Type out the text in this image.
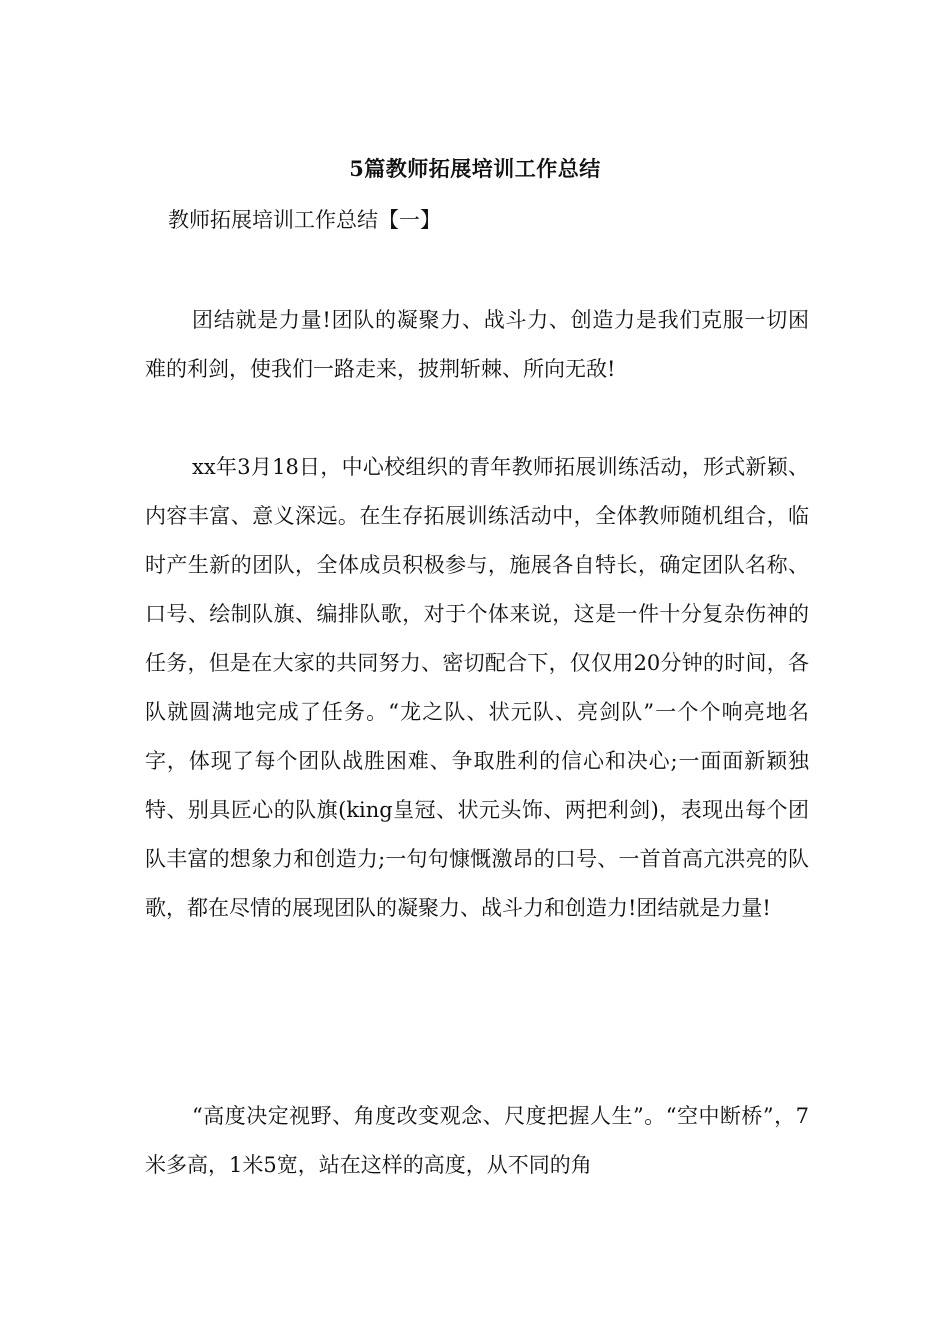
5篇教师拓展培训工作总结
教师拓展培训工作总结【一】

团结就是力量!团队的凝聚力、战斗力、创造力是我们克服一切困难的利剑，使我们一路走来，披荆斩棘、所向无敌!

xx年3月18日，中心校组织的青年教师拓展训练活动，形式新颖、内容丰富、意义深远。在生存拓展训练活动中，全体教师随机组合，临时产生新的团队，全体成员积极参与，施展各自特长，确定团队名称、口号、绘制队旗、编排队歌，对于个体来说，这是一件十分复杂伤神的任务，但是在大家的共同努力、密切配合下，仅仅用20分钟的时间，各队就圆满地完成了任务。“龙之队、状元队、亮剑队”一个个响亮地名字，体现了每个团队战胜困难、争取胜利的信心和决心;一面面新颖独特、别具匠心的队旗(king皇冠、状元头饰、两把利剑)，表现出每个团队丰富的想象力和创造力;一句句慷慨激昂的口号、一首首高亢洪亮的队歌，都在尽情的展现团队的凝聚力、战斗力和创造力!团结就是力量!

“高度决定视野、角度改变观念、尺度把握人生”。“空中断桥”，7米多高，1米5宽，站在这样的高度，从不同的角
